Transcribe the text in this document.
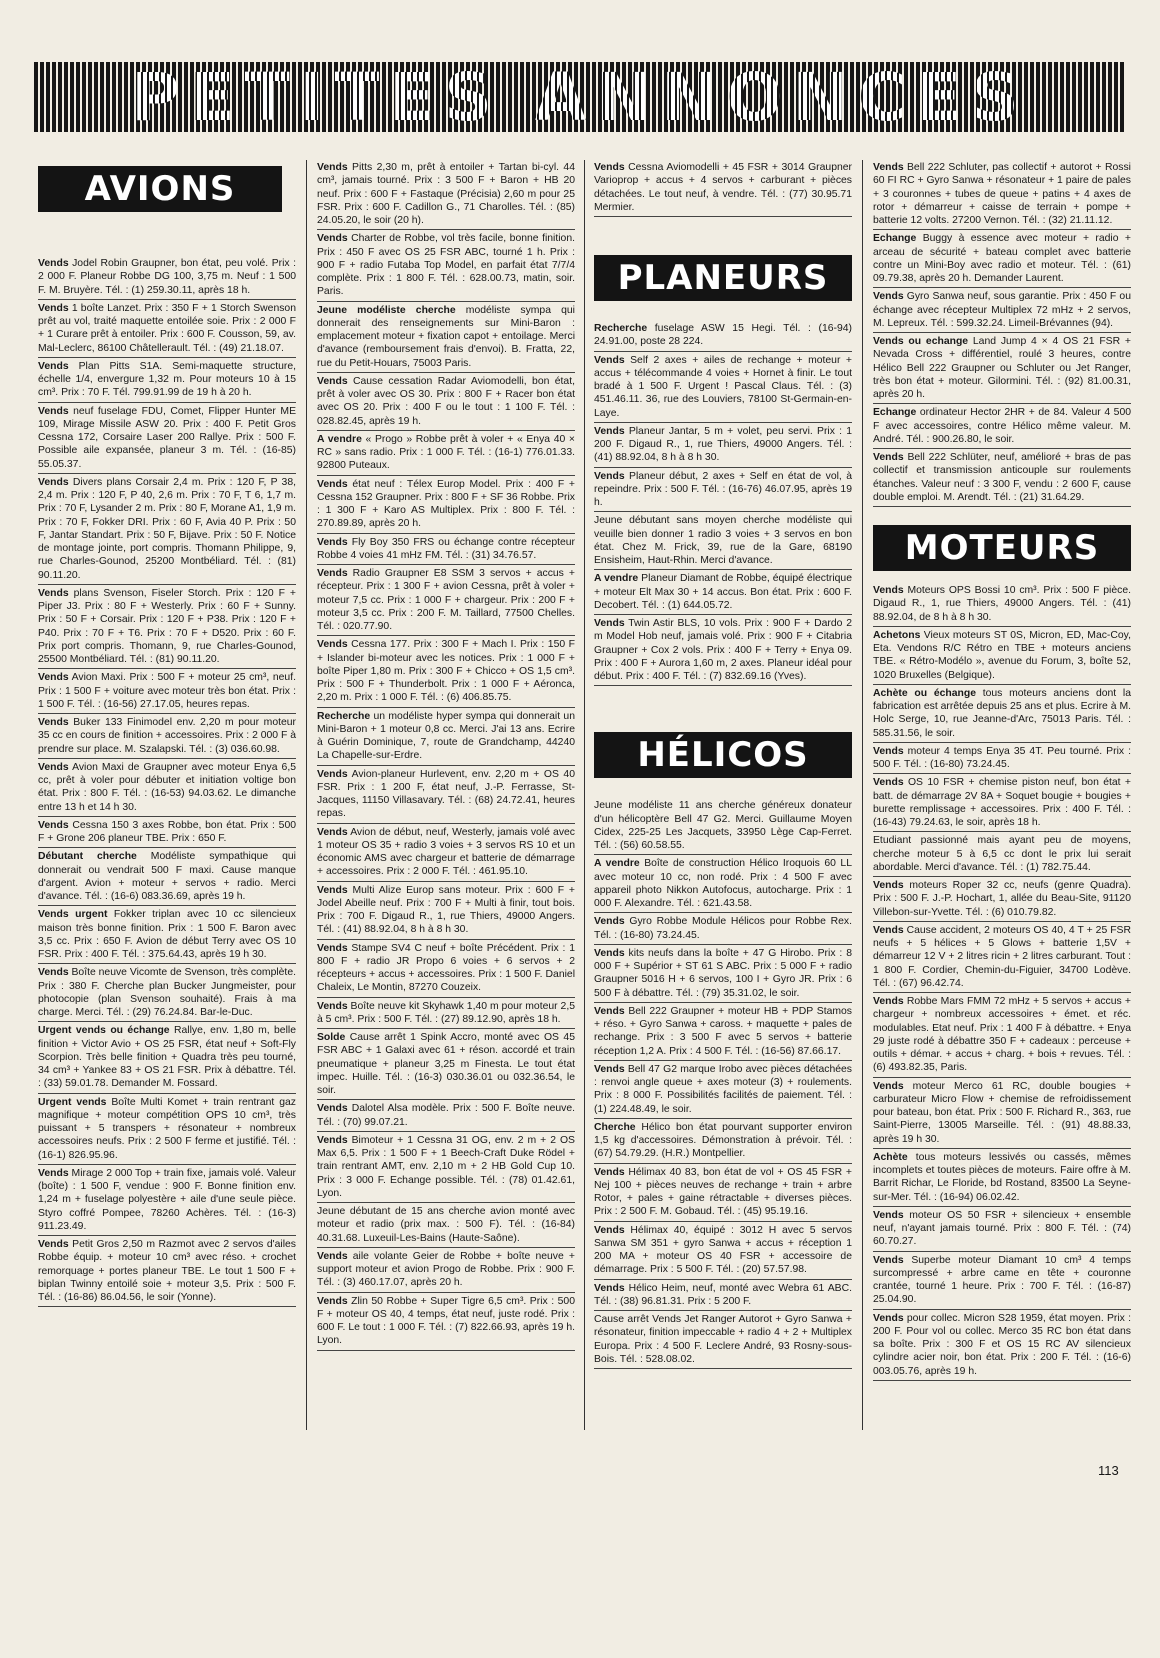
PETITES ANNONCES
AVIONS
Vends Jodel Robin Graupner, bon état, peu volé. Prix : 2 000 F. Planeur Robbe DG 100, 3,75 m. Neuf : 1 500 F. M. Bruyère. Tél. : (1) 259.30.11, après 18 h.
Vends 1 boîte Lanzet. Prix : 350 F + 1 Storch Swenson prêt au vol, traité maquette entoilée soie. Prix : 2 000 F + 1 Curare prêt à entoiler. Prix : 600 F. Cousson, 59, av. Mal-Leclerc, 86100 Châtellerault. Tél. : (49) 21.18.07.
Vends Plan Pitts S1A. Semi-maquette structure, échelle 1/4, envergure 1,32 m. Pour moteurs 10 à 15 cm³. Prix : 70 F. Tél. 799.91.99 de 19 h à 20 h.
Vends neuf fuselage FDU, Comet, Flipper Hunter ME 109, Mirage Missile ASW 20. Prix : 400 F. Petit Gros Cessna 172, Corsaire Laser 200 Rallye. Prix : 500 F. Possible aile expansée, planeur 3 m. Tél. : (16-85) 55.05.37.
Vends Divers plans Corsair 2,4 m. Prix : 120 F, P 38, 2,4 m. Prix : 120 F, P 40, 2,6 m. Prix : 70 F, T 6, 1,7 m. Prix : 70 F, Lysander 2 m. Prix : 80 F, Morane A1, 1,9 m. Prix : 70 F, Fokker DRI. Prix : 60 F, Avia 40 P. Prix : 50 F, Jantar Standart. Prix : 50 F, Bijave. Prix : 50 F. Notice de montage jointe, port compris. Thomann Philippe, 9, rue Charles-Gounod, 25200 Montbéliard. Tél. : (81) 90.11.20.
Vends plans Svenson, Fiseler Storch. Prix : 120 F + Piper J3. Prix : 80 F + Westerly. Prix : 60 F + Sunny. Prix : 50 F + Corsair. Prix : 120 F + P38. Prix : 120 F + P40. Prix : 70 F + T6. Prix : 70 F + D520. Prix : 60 F. Prix port compris. Thomann, 9, rue Charles-Gounod, 25500 Montbéliard. Tél. : (81) 90.11.20.
Vends Avion Maxi. Prix : 500 F + moteur 25 cm³, neuf. Prix : 1 500 F + voiture avec moteur très bon état. Prix : 1 500 F. Tél. : (16-56) 27.17.05, heures repas.
Vends Buker 133 Finimodel env. 2,20 m pour moteur 35 cc en cours de finition + accessoires. Prix : 2 000 F à prendre sur place. M. Szalapski. Tél. : (3) 036.60.98.
Vends Avion Maxi de Graupner avec moteur Enya 6,5 cc, prêt à voler pour débuter et initiation voltige bon état. Prix : 800 F. Tél. : (16-53) 94.03.62. Le dimanche entre 13 h et 14 h 30.
Vends Cessna 150 3 axes Robbe, bon état. Prix : 500 F + Grone 206 planeur TBE. Prix : 650 F.
Débutant cherche Modéliste sympathique qui donnerait ou vendrait 500 F maxi. Cause manque d'argent. Avion + moteur + servos + radio. Merci d'avance. Tél. : (16-6) 083.36.69, après 19 h.
Vends urgent Fokker triplan avec 10 cc silencieux maison très bonne finition. Prix : 1 500 F. Baron avec 3,5 cc. Prix : 650 F. Avion de début Terry avec OS 10 FSR. Prix : 400 F. Tél. : 375.64.43, après 19 h 30.
Vends Boîte neuve Vicomte de Svenson, très complète. Prix : 380 F. Cherche plan Bucker Jungmeister, pour photocopie (plan Svenson souhaité). Frais à ma charge. Merci. Tél. : (29) 76.24.84. Bar-le-Duc.
Urgent vends ou échange Rallye, env. 1,80 m, belle finition + Victor Avio + OS 25 FSR, état neuf + Soft-Fly Scorpion. Très belle finition + Quadra très peu tourné, 34 cm³ + Yankee 83 + OS 21 FSR. Prix à débattre. Tél. : (33) 59.01.78. Demander M. Fossard.
Urgent vends Boîte Multi Komet + train rentrant gaz magnifique + moteur compétition OPS 10 cm³, très puissant + 5 transpers + résonateur + nombreux accessoires neufs. Prix : 2 500 F ferme et justifié. Tél. : (16-1) 826.95.96.
Vends Mirage 2 000 Top + train fixe, jamais volé. Valeur (boîte) : 1 500 F, vendue : 900 F. Bonne finition env. 1,24 m + fuselage polyestère + aile d'une seule pièce. Styro coffré Pompee, 78260 Achères. Tél. : (16-3) 911.23.49.
Vends Petit Gros 2,50 m Razmot avec 2 servos d'ailes Robbe équip. + moteur 10 cm³ avec réso. + crochet remorquage + portes planeur TBE. Le tout 1 500 F + biplan Twinny entoilé soie + moteur 3,5. Prix : 500 F. Tél. : (16-86) 86.04.56, le soir (Yonne).
Vends Pitts 2,30 m, prêt à entoiler + Tartan bi-cyl. 44 cm³, jamais tourné. Prix : 3 500 F + Baron + HB 20 neuf. Prix : 600 F + Fastaque (Précisia) 2,60 m pour 25 FSR. Prix : 600 F. Cadillon G., 71 Charolles. Tél. : (85) 24.05.20, le soir (20 h).
Vends Charter de Robbe, vol très facile, bonne finition. Prix : 450 F avec OS 25 FSR ABC, tourné 1 h. Prix : 900 F + radio Futaba Top Model, en parfait état 7/7/4 complète. Prix : 1 800 F. Tél. : 628.00.73, matin, soir. Paris.
Jeune modéliste cherche modéliste sympa qui donnerait des renseignements sur Mini-Baron : emplacement moteur + fixation capot + entoilage. Merci d'avance (remboursement frais d'envoi). B. Fratta, 22, rue du Petit-Houars, 75003 Paris.
Vends Cause cessation Radar Aviomodelli, bon état, prêt à voler avec OS 30. Prix : 800 F + Racer bon état avec OS 20. Prix : 400 F ou le tout : 1 100 F. Tél. : 028.82.45, après 19 h.
A vendre « Progo » Robbe prêt à voler + « Enya 40 × RC » sans radio. Prix : 1 000 F. Tél. : (16-1) 776.01.33. 92800 Puteaux.
Vends état neuf : Télex Europ Model. Prix : 400 F + Cessna 152 Graupner. Prix : 800 F + SF 36 Robbe. Prix : 1 300 F + Karo AS Multiplex. Prix : 800 F. Tél. : 270.89.89, après 20 h.
Vends Fly Boy 350 FRS ou échange contre récepteur Robbe 4 voies 41 mHz FM. Tél. : (31) 34.76.57.
Vends Radio Graupner E8 SSM 3 servos + accus + récepteur. Prix : 1 300 F + avion Cessna, prêt à voler + moteur 7,5 cc. Prix : 1 000 F + chargeur. Prix : 200 F + moteur 3,5 cc. Prix : 200 F. M. Taillard, 77500 Chelles. Tél. : 020.77.90.
Vends Cessna 177. Prix : 300 F + Mach I. Prix : 150 F + Islander bi-moteur avec les notices. Prix : 1 000 F + boîte Piper 1,80 m. Prix : 300 F + Chicco + OS 1,5 cm³. Prix : 500 F + Thunderbolt. Prix : 1 000 F + Aéronca, 2,20 m. Prix : 1 000 F. Tél. : (6) 406.85.75.
Recherche un modéliste hyper sympa qui donnerait un Mini-Baron + 1 moteur 0,8 cc. Merci. J'ai 13 ans. Ecrire à Guérin Dominique, 7, route de Grandchamp, 44240 La Chapelle-sur-Erdre.
Vends Avion-planeur Hurlevent, env. 2,20 m + OS 40 FSR. Prix : 1 200 F, état neuf, J.-P. Ferrasse, St-Jacques, 11150 Villasavary. Tél. : (68) 24.72.41, heures repas.
Vends Avion de début, neuf, Westerly, jamais volé avec 1 moteur OS 35 + radio 3 voies + 3 servos RS 10 et un économic AMS avec chargeur et batterie de démarrage + accessoires. Prix : 2 000 F. Tél. : 461.95.10.
Vends Multi Alize Europ sans moteur. Prix : 600 F + Jodel Abeille neuf. Prix : 700 F + Multi à finir, tout bois. Prix : 700 F. Digaud R., 1, rue Thiers, 49000 Angers. Tél. : (41) 88.92.04, 8 h à 8 h 30.
Vends Stampe SV4 C neuf + boîte Précédent. Prix : 1 800 F + radio JR Propo 6 voies + 6 servos + 2 récepteurs + accus + accessoires. Prix : 1 500 F. Daniel Chaleix, Le Montin, 87270 Couzeix.
Vends Boîte neuve kit Skyhawk 1,40 m pour moteur 2,5 à 5 cm³. Prix : 500 F. Tél. : (27) 89.12.90, après 18 h.
Solde Cause arrêt 1 Spink Accro, monté avec OS 45 FSR ABC + 1 Galaxi avec 61 + réson. accordé et train pneumatique + planeur 3,25 m Finesta. Le tout état impec. Huille. Tél. : (16-3) 030.36.01 ou 032.36.54, le soir.
Vends Dalotel Alsa modèle. Prix : 500 F. Boîte neuve. Tél. : (70) 99.07.21.
Vends Bimoteur + 1 Cessna 31 OG, env. 2 m + 2 OS Max 6,5. Prix : 1 500 F + 1 Beech-Craft Duke Rödel + train rentrant AMT, env. 2,10 m + 2 HB Gold Cup 10. Prix : 3 000 F. Echange possible. Tél. : (78) 01.42.61, Lyon.
Jeune débutant de 15 ans cherche avion monté avec moteur et radio (prix max. : 500 F). Tél. : (16-84) 40.31.68. Luxeuil-Les-Bains (Haute-Saône).
Vends aile volante Geier de Robbe + boîte neuve + support moteur et avion Progo de Robbe. Prix : 900 F. Tél. : (3) 460.17.07, après 20 h.
Vends Zlin 50 Robbe + Super Tigre 6,5 cm³. Prix : 500 F + moteur OS 40, 4 temps, état neuf, juste rodé. Prix : 600 F. Le tout : 1 000 F. Tél. : (7) 822.66.93, après 19 h. Lyon.
Vends Cessna Aviomodelli + 45 FSR + 3014 Graupner Varioprop + accus + 4 servos + carburant + pièces détachées. Le tout neuf, à vendre. Tél. : (77) 30.95.71 Mermier.
PLANEURS
Recherche fuselage ASW 15 Hegi. Tél. : (16-94) 24.91.00, poste 28 224.
Vends Self 2 axes + ailes de rechange + moteur + accus + télécommande 4 voies + Hornet à finir. Le tout bradé à 1 500 F. Urgent ! Pascal Claus. Tél. : (3) 451.46.11. 36, rue des Louviers, 78100 St-Germain-en-Laye.
Vends Planeur Jantar, 5 m + volet, peu servi. Prix : 1 200 F. Digaud R., 1, rue Thiers, 49000 Angers. Tél. : (41) 88.92.04, 8 h à 8 h 30.
Vends Planeur début, 2 axes + Self en état de vol, à repeindre. Prix : 500 F. Tél. : (16-76) 46.07.95, après 19 h.
Jeune débutant sans moyen cherche modéliste qui veuille bien donner 1 radio 3 voies + 3 servos en bon état. Chez M. Frick, 39, rue de la Gare, 68190 Ensisheim, Haut-Rhin. Merci d'avance.
A vendre Planeur Diamant de Robbe, équipé électrique + moteur Elt Max 30 + 14 accus. Bon état. Prix : 600 F. Decobert. Tél. : (1) 644.05.72.
Vends Twin Astir BLS, 10 vols. Prix : 900 F + Dardo 2 m Model Hob neuf, jamais volé. Prix : 900 F + Citabria Graupner + Cox 2 vols. Prix : 400 F + Terry + Enya 09. Prix : 400 F + Aurora 1,60 m, 2 axes. Planeur idéal pour début. Prix : 400 F. Tél. : (7) 832.69.16 (Yves).
HÉLICOS
Jeune modéliste 11 ans cherche généreux donateur d'un hélicoptère Bell 47 G2. Merci. Guillaume Moyen Cidex, 225-25 Les Jacquets, 33950 Lège Cap-Ferret. Tél. : (56) 60.58.55.
A vendre Boîte de construction Hélico Iroquois 60 LL avec moteur 10 cc, non rodé. Prix : 4 500 F avec appareil photo Nikkon Autofocus, autocharge. Prix : 1 000 F. Alexandre. Tél. : 621.43.58.
Vends Gyro Robbe Module Hélicos pour Robbe Rex. Tél. : (16-80) 73.24.45.
Vends kits neufs dans la boîte + 47 G Hirobo. Prix : 8 000 F + Supérior + ST 61 S ABC. Prix : 5 000 F + radio Graupner 5016 H + 6 servos, 100 I + Gyro JR. Prix : 6 500 F à débattre. Tél. : (79) 35.31.02, le soir.
Vends Bell 222 Graupner + moteur HB + PDP Stamos + réso. + Gyro Sanwa + caross. + maquette + pales de rechange. Prix : 3 500 F avec 5 servos + batterie réception 1,2 A. Prix : 4 500 F. Tél. : (16-56) 87.66.17.
Vends Bell 47 G2 marque Irobo avec pièces détachées : renvoi angle queue + axes moteur (3) + roulements. Prix : 8 000 F. Possibilités facilités de paiement. Tél. : (1) 224.48.49, le soir.
Cherche Hélico bon état pourvant supporter environ 1,5 kg d'accessoires. Démonstration à prévoir. Tél. : (67) 54.79.29. (H.R.) Montpellier.
Vends Hélimax 40 83, bon état de vol + OS 45 FSR + Nej 100 + pièces neuves de rechange + train + arbre Rotor, + pales + gaine rétractable + diverses pièces. Prix : 2 500 F. M. Gobaud. Tél. : (45) 95.19.16.
Vends Hélimax 40, équipé : 3012 H avec 5 servos Sanwa SM 351 + gyro Sanwa + accus + réception 1 200 MA + moteur OS 40 FSR + accessoire de démarrage. Prix : 5 500 F. Tél. : (20) 57.57.98.
Vends Hélico Heim, neuf, monté avec Webra 61 ABC. Tél. : (38) 96.81.31. Prix : 5 200 F.
Cause arrêt Vends Jet Ranger Autorot + Gyro Sanwa + résonateur, finition impeccable + radio 4 + 2 + Multiplex Europa. Prix : 4 500 F. Leclere André, 93 Rosny-sous-Bois. Tél. : 528.08.02.
Vends Bell 222 Schluter, pas collectif + autorot + Rossi 60 FI RC + Gyro Sanwa + résonateur + 1 paire de pales + 3 couronnes + tubes de queue + patins + 4 axes de rotor + démarreur + caisse de terrain + pompe + batterie 12 volts. 27200 Vernon. Tél. : (32) 21.11.12.
Echange Buggy à essence avec moteur + radio + arceau de sécurité + bateau complet avec batterie contre un Mini-Boy avec radio et moteur. Tél. : (61) 09.79.38, après 20 h. Demander Laurent.
Vends Gyro Sanwa neuf, sous garantie. Prix : 450 F ou échange avec récepteur Multiplex 72 mHz + 2 servos, M. Lepreux. Tél. : 599.32.24. Limeil-Brévannes (94).
Vends ou echange Land Jump 4 × 4 OS 21 FSR + Nevada Cross + différentiel, roulé 3 heures, contre Hélico Bell 222 Graupner ou Schluter ou Jet Ranger, très bon état + moteur. Gilormini. Tél. : (92) 81.00.31, après 20 h.
Echange ordinateur Hector 2HR + de 84. Valeur 4 500 F avec accessoires, contre Hélico même valeur. M. André. Tél. : 900.26.80, le soir.
Vends Bell 222 Schlüter, neuf, amélioré + bras de pas collectif et transmission anticouple sur roulements étanches. Valeur neuf : 3 300 F, vendu : 2 600 F, cause double emploi. M. Arendt. Tél. : (21) 31.64.29.
MOTEURS
Vends Moteurs OPS Bossi 10 cm³. Prix : 500 F pièce. Digaud R., 1, rue Thiers, 49000 Angers. Tél. : (41) 88.92.04, de 8 h à 8 h 30.
Achetons Vieux moteurs ST 0S, Micron, ED, Mac-Coy, Eta. Vendons R/C Rétro en TBE + moteurs anciens TBE. « Rétro-Modélo », avenue du Forum, 3, boîte 52, 1020 Bruxelles (Belgique).
Achète ou échange tous moteurs anciens dont la fabrication est arrêtée depuis 25 ans et plus. Ecrire à M. Holc Serge, 10, rue Jeanne-d'Arc, 75013 Paris. Tél. : 585.31.56, le soir.
Vends moteur 4 temps Enya 35 4T. Peu tourné. Prix : 500 F. Tél. : (16-80) 73.24.45.
Vends OS 10 FSR + chemise piston neuf, bon état + batt. de démarrage 2V 8A + Soquet bougie + bougies + burette remplissage + accessoires. Prix : 400 F. Tél. : (16-43) 79.24.63, le soir, après 18 h.
Etudiant passionné mais ayant peu de moyens, cherche moteur 5 à 6,5 cc dont le prix lui serait abordable. Merci d'avance. Tél. : (1) 782.75.44.
Vends moteurs Roper 32 cc, neufs (genre Quadra). Prix : 500 F. J.-P. Hochart, 1, allée du Beau-Site, 91120 Villebon-sur-Yvette. Tél. : (6) 010.79.82.
Vends Cause accident, 2 moteurs OS 40, 4 T + 25 FSR neufs + 5 hélices + 5 Glows + batterie 1,5V + démarreur 12 V + 2 litres ricin + 2 litres carburant. Tout : 1 800 F. Cordier, Chemin-du-Figuier, 34700 Lodève. Tél. : (67) 96.42.74.
Vends Robbe Mars FMM 72 mHz + 5 servos + accus + chargeur + nombreux accessoires + émet. et réc. modulables. Etat neuf. Prix : 1 400 F à débattre. + Enya 29 juste rodé à débattre 350 F + cadeaux : perceuse + outils + démar. + accus + charg. + bois + revues. Tél. : (6) 493.82.35, Paris.
Vends moteur Merco 61 RC, double bougies + carburateur Micro Flow + chemise de refroidissement pour bateau, bon état. Prix : 500 F. Richard R., 363, rue Saint-Pierre, 13005 Marseille. Tél. : (91) 48.88.33, après 19 h 30.
Achète tous moteurs lessivés ou cassés, mêmes incomplets et toutes pièces de moteurs. Faire offre à M. Barrit Richar, Le Floride, bd Rostand, 83500 La Seyne-sur-Mer. Tél. : (16-94) 06.02.42.
Vends moteur OS 50 FSR + silencieux + ensemble neuf, n'ayant jamais tourné. Prix : 800 F. Tél. : (74) 60.70.27.
Vends Superbe moteur Diamant 10 cm³ 4 temps surcompressé + arbre came en tête + couronne crantée, tourné 1 heure. Prix : 700 F. Tél. : (16-87) 25.04.90.
Vends pour collec. Micron S28 1959, état moyen. Prix : 200 F. Pour vol ou collec. Merco 35 RC bon état dans sa boîte. Prix : 300 F et OS 15 RC AV silencieux cylindre acier noir, bon état. Prix : 200 F. Tél. : (16-6) 003.05.76, après 19 h.
113
